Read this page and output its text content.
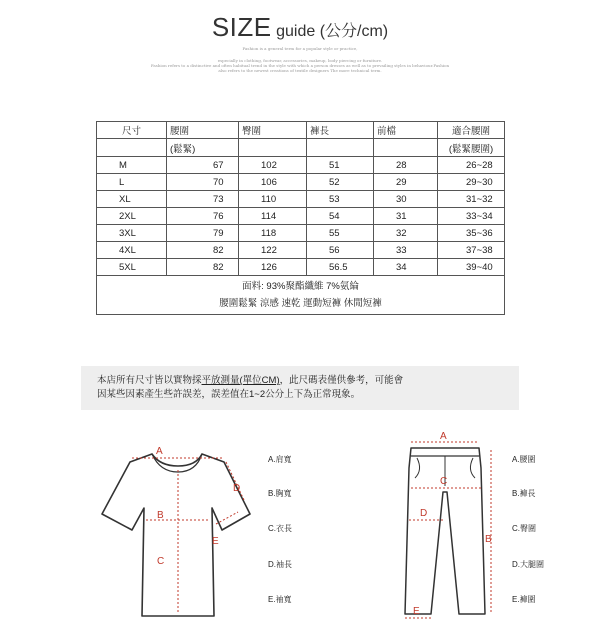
SIZE guide (公分/cm)
Fashion is a general term for a popular style or practice,
especially in clothing, footwear, accessories, makeup, body piercing or furniture.
Fashion refers to a distinctive and often habitual trend in the style with which a person dresses as well as to prevailing styles in behaviour.Fashion
also refers to the newest creations of textile designers The more technical term.
尺寸	腰圍	臀圍	褲長	前檔	適合腰圍
	(鬆緊)				(鬆緊腰圍)
M	67	102	51	28	26~28
L	70	106	52	29	29~30
XL	73	110	53	30	31~32
2XL	76	114	54	31	33~34
3XL	79	118	55	32	35~36
4XL	82	122	56	33	37~38
5XL	82	126	56.5	34	39~40

面料: 93%聚酯纖維 7%氨綸
腰圍鬆緊 涼感 速乾 運動短褲 休閒短褲					
本店所有尺寸皆以實物採平放測量(單位CM)，此尺碼表僅供參考，可能會
因某些因素產生些許誤差，誤差值在1~2公分上下為正常現象。
A
B
C
D
E
A.肩寬
B.胸寬
C.衣長
D.袖長
E.袖寬
A
B
C
D
E
A.腰圍
B.褲長
C.臀圍
D.大腿圍
E.褲圍
